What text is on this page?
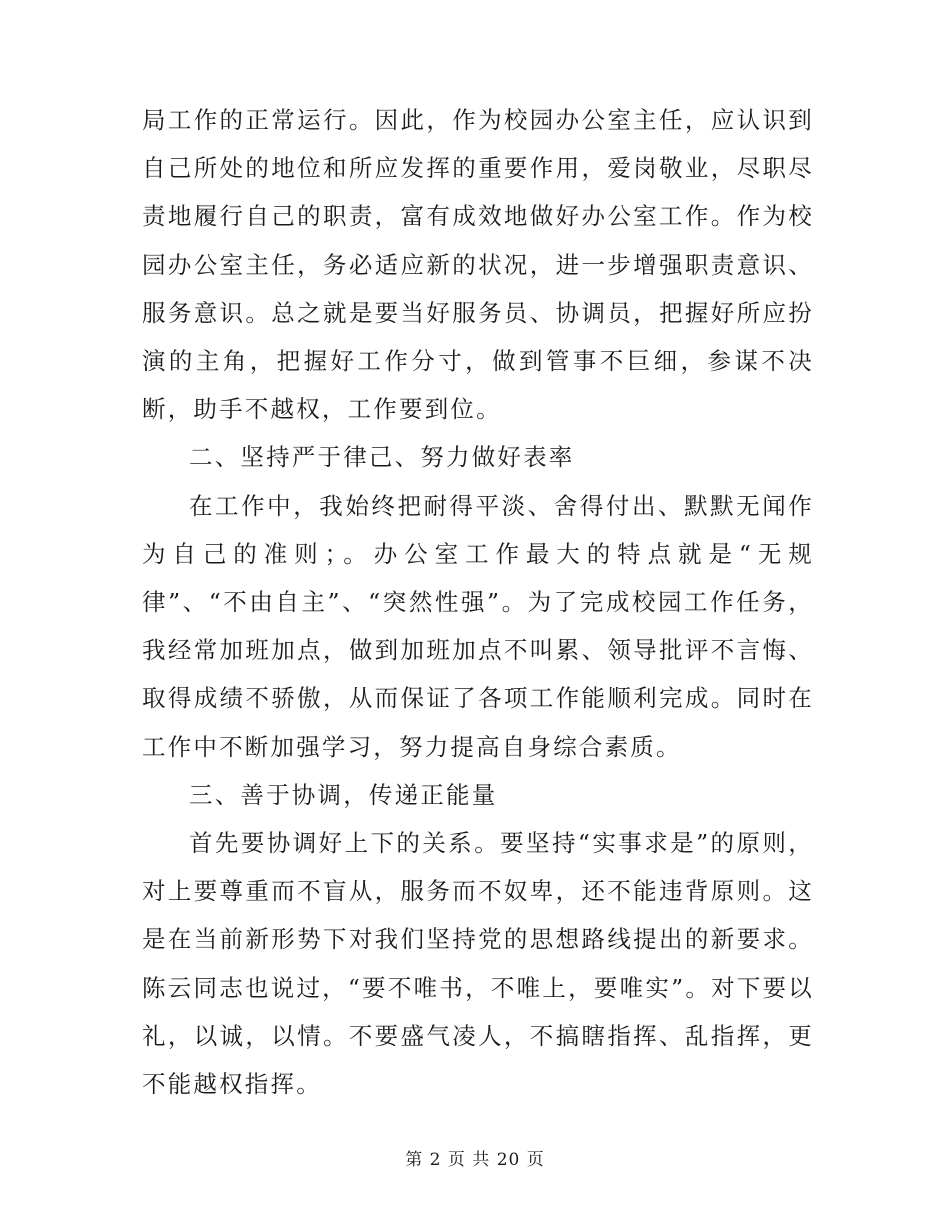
局工作的正常运行。因此，作为校园办公室主任，应认识到自己所处的地位和所应发挥的重要作用，爱岗敬业，尽职尽责地履行自己的职责，富有成效地做好办公室工作。作为校园办公室主任，务必适应新的状况，进一步增强职责意识、服务意识。总之就是要当好服务员、协调员，把握好所应扮演的主角，把握好工作分寸，做到管事不巨细，参谋不决断，助手不越权，工作要到位。

二、坚持严于律己、努力做好表率

在工作中，我始终把耐得平淡、舍得付出、默默无闻作为自己的准则；。办公室工作最大的特点就是“无规律”、“不由自主”、“突然性强”。为了完成校园工作任务，我经常加班加点，做到加班加点不叫累、领导批评不言悔、取得成绩不骄傲，从而保证了各项工作能顺利完成。同时在工作中不断加强学习，努力提高自身综合素质。

三、善于协调，传递正能量

首先要协调好上下的关系。要坚持“实事求是”的原则，对上要尊重而不盲从，服务而不奴卑，还不能违背原则。这是在当前新形势下对我们坚持党的思想路线提出的新要求。陈云同志也说过，“要不唯书，不唯上，要唯实”。对下要以礼，以诚，以情。不要盛气凌人，不搞瞎指挥、乱指挥，更不能越权指挥。

第 2 页 共 20 页
